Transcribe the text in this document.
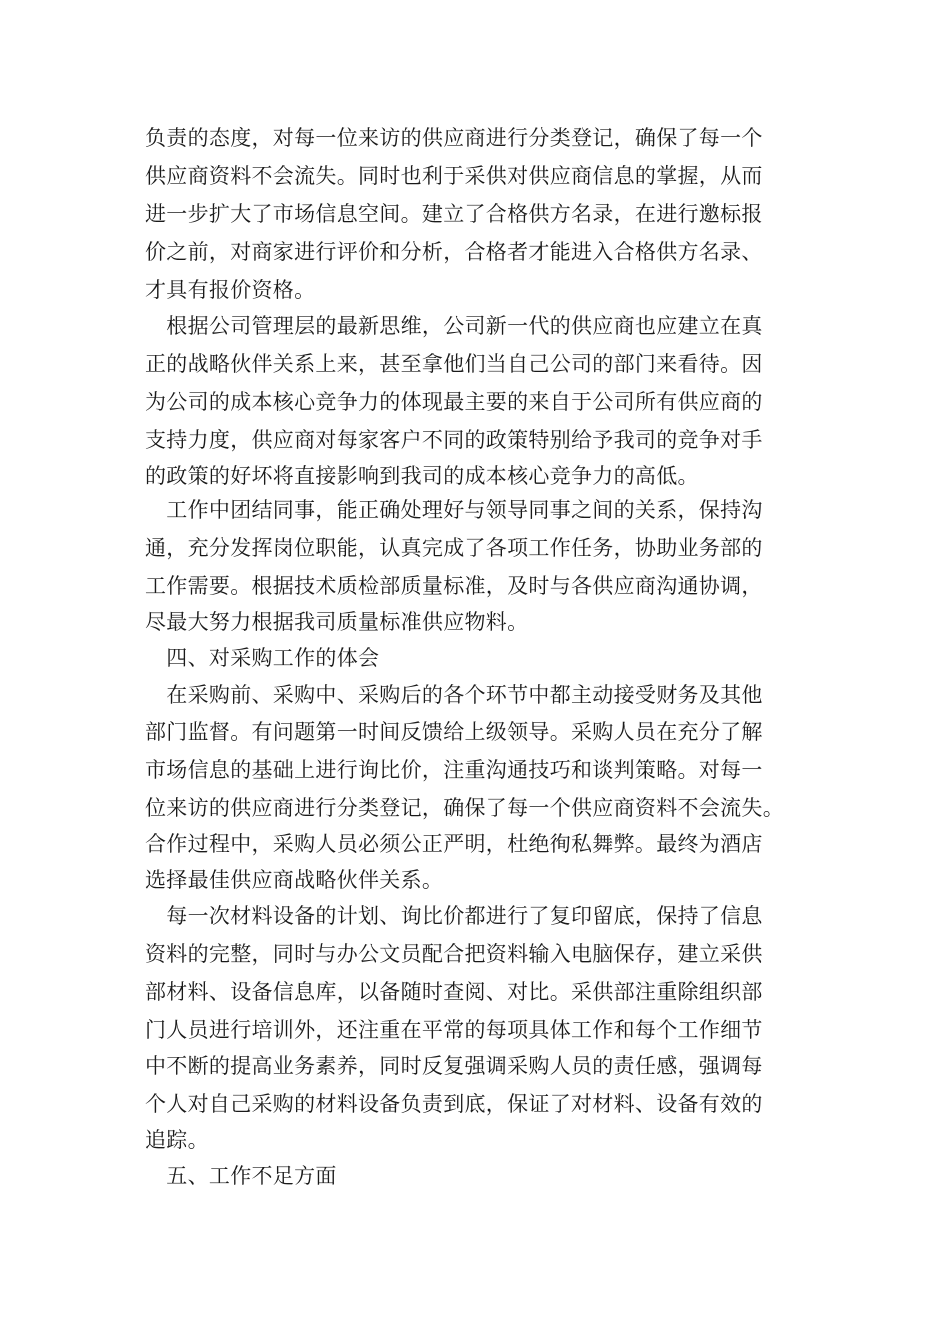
负责的态度，对每一位来访的供应商进行分类登记，确保了每一个
供应商资料不会流失。同时也利于采供对供应商信息的掌握，从而
进一步扩大了市场信息空间。建立了合格供方名录，在进行邀标报
价之前，对商家进行评价和分析，合格者才能进入合格供方名录、
才具有报价资格。
　根据公司管理层的最新思维，公司新一代的供应商也应建立在真
正的战略伙伴关系上来，甚至拿他们当自己公司的部门来看待。因
为公司的成本核心竞争力的体现最主要的来自于公司所有供应商的
支持力度，供应商对每家客户不同的政策特别给予我司的竞争对手
的政策的好坏将直接影响到我司的成本核心竞争力的高低。
　工作中团结同事，能正确处理好与领导同事之间的关系，保持沟
通，充分发挥岗位职能，认真完成了各项工作任务，协助业务部的
工作需要。根据技术质检部质量标准，及时与各供应商沟通协调，
尽最大努力根据我司质量标准供应物料。
　四、对采购工作的体会
　在采购前、采购中、采购后的各个环节中都主动接受财务及其他
部门监督。有问题第一时间反馈给上级领导。采购人员在充分了解
市场信息的基础上进行询比价，注重沟通技巧和谈判策略。对每一
位来访的供应商进行分类登记，确保了每一个供应商资料不会流失。
合作过程中，采购人员必须公正严明，杜绝徇私舞弊。最终为酒店
选择最佳供应商战略伙伴关系。
　每一次材料设备的计划、询比价都进行了复印留底，保持了信息
资料的完整，同时与办公文员配合把资料输入电脑保存，建立采供
部材料、设备信息库，以备随时查阅、对比。采供部注重除组织部
门人员进行培训外，还注重在平常的每项具体工作和每个工作细节
中不断的提高业务素养，同时反复强调采购人员的责任感，强调每
个人对自己采购的材料设备负责到底，保证了对材料、设备有效的
追踪。
　五、工作不足方面
